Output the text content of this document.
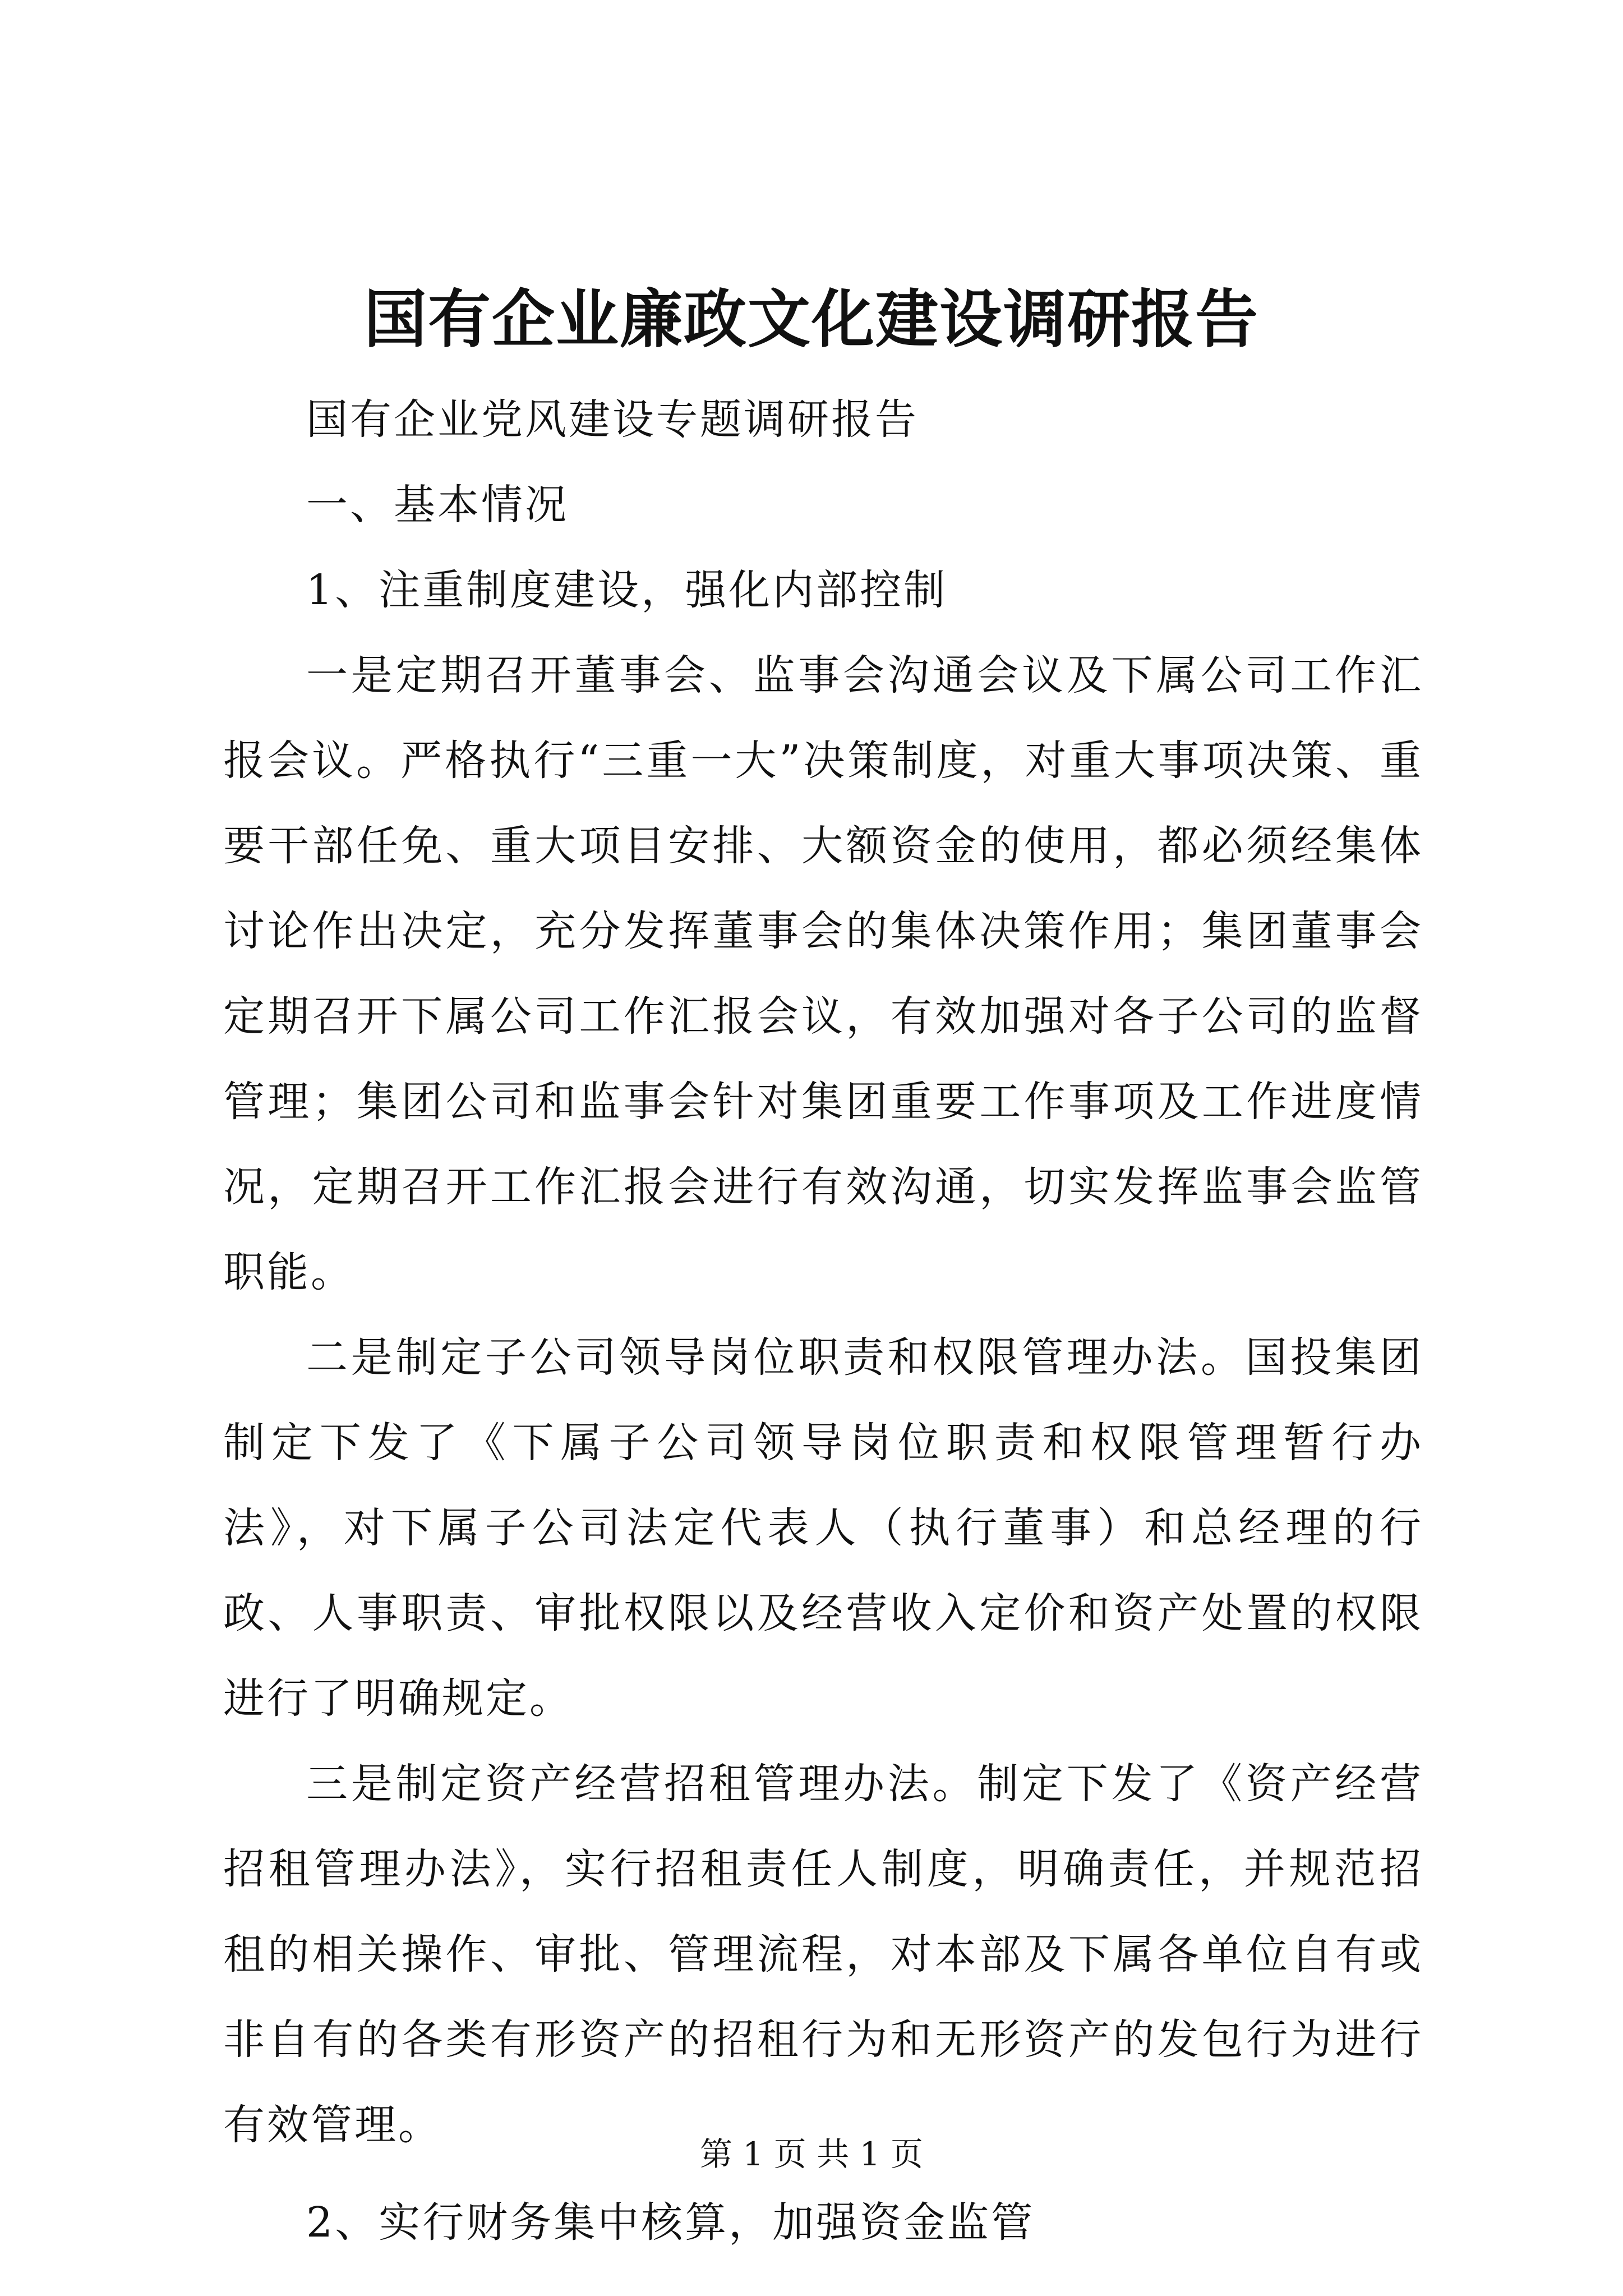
国有企业廉政文化建设调研报告

国有企业党风建设专题调研报告

一、基本情况

1、注重制度建设，强化内部控制

一是定期召开董事会、监事会沟通会议及下属公司工作汇报会议。严格执行“三重一大”决策制度，对重大事项决策、重要干部任免、重大项目安排、大额资金的使用，都必须经集体讨论作出决定，充分发挥董事会的集体决策作用；集团董事会定期召开下属公司工作汇报会议，有效加强对各子公司的监督管理；集团公司和监事会针对集团重要工作事项及工作进度情况，定期召开工作汇报会进行有效沟通，切实发挥监事会监管职能。

二是制定子公司领导岗位职责和权限管理办法。国投集团制定下发了《下属子公司领导岗位职责和权限管理暂行办法》，对下属子公司法定代表人（执行董事）和总经理的行政、人事职责、审批权限以及经营收入定价和资产处置的权限进行了明确规定。

三是制定资产经营招租管理办法。制定下发了《资产经营招租管理办法》，实行招租责任人制度，明确责任，并规范招租的相关操作、审批、管理流程，对本部及下属各单位自有或非自有的各类有形资产的招租行为和无形资产的发包行为进行有效管理。

2、实行财务集中核算，加强资金监管

第 1 页 共 1 页
